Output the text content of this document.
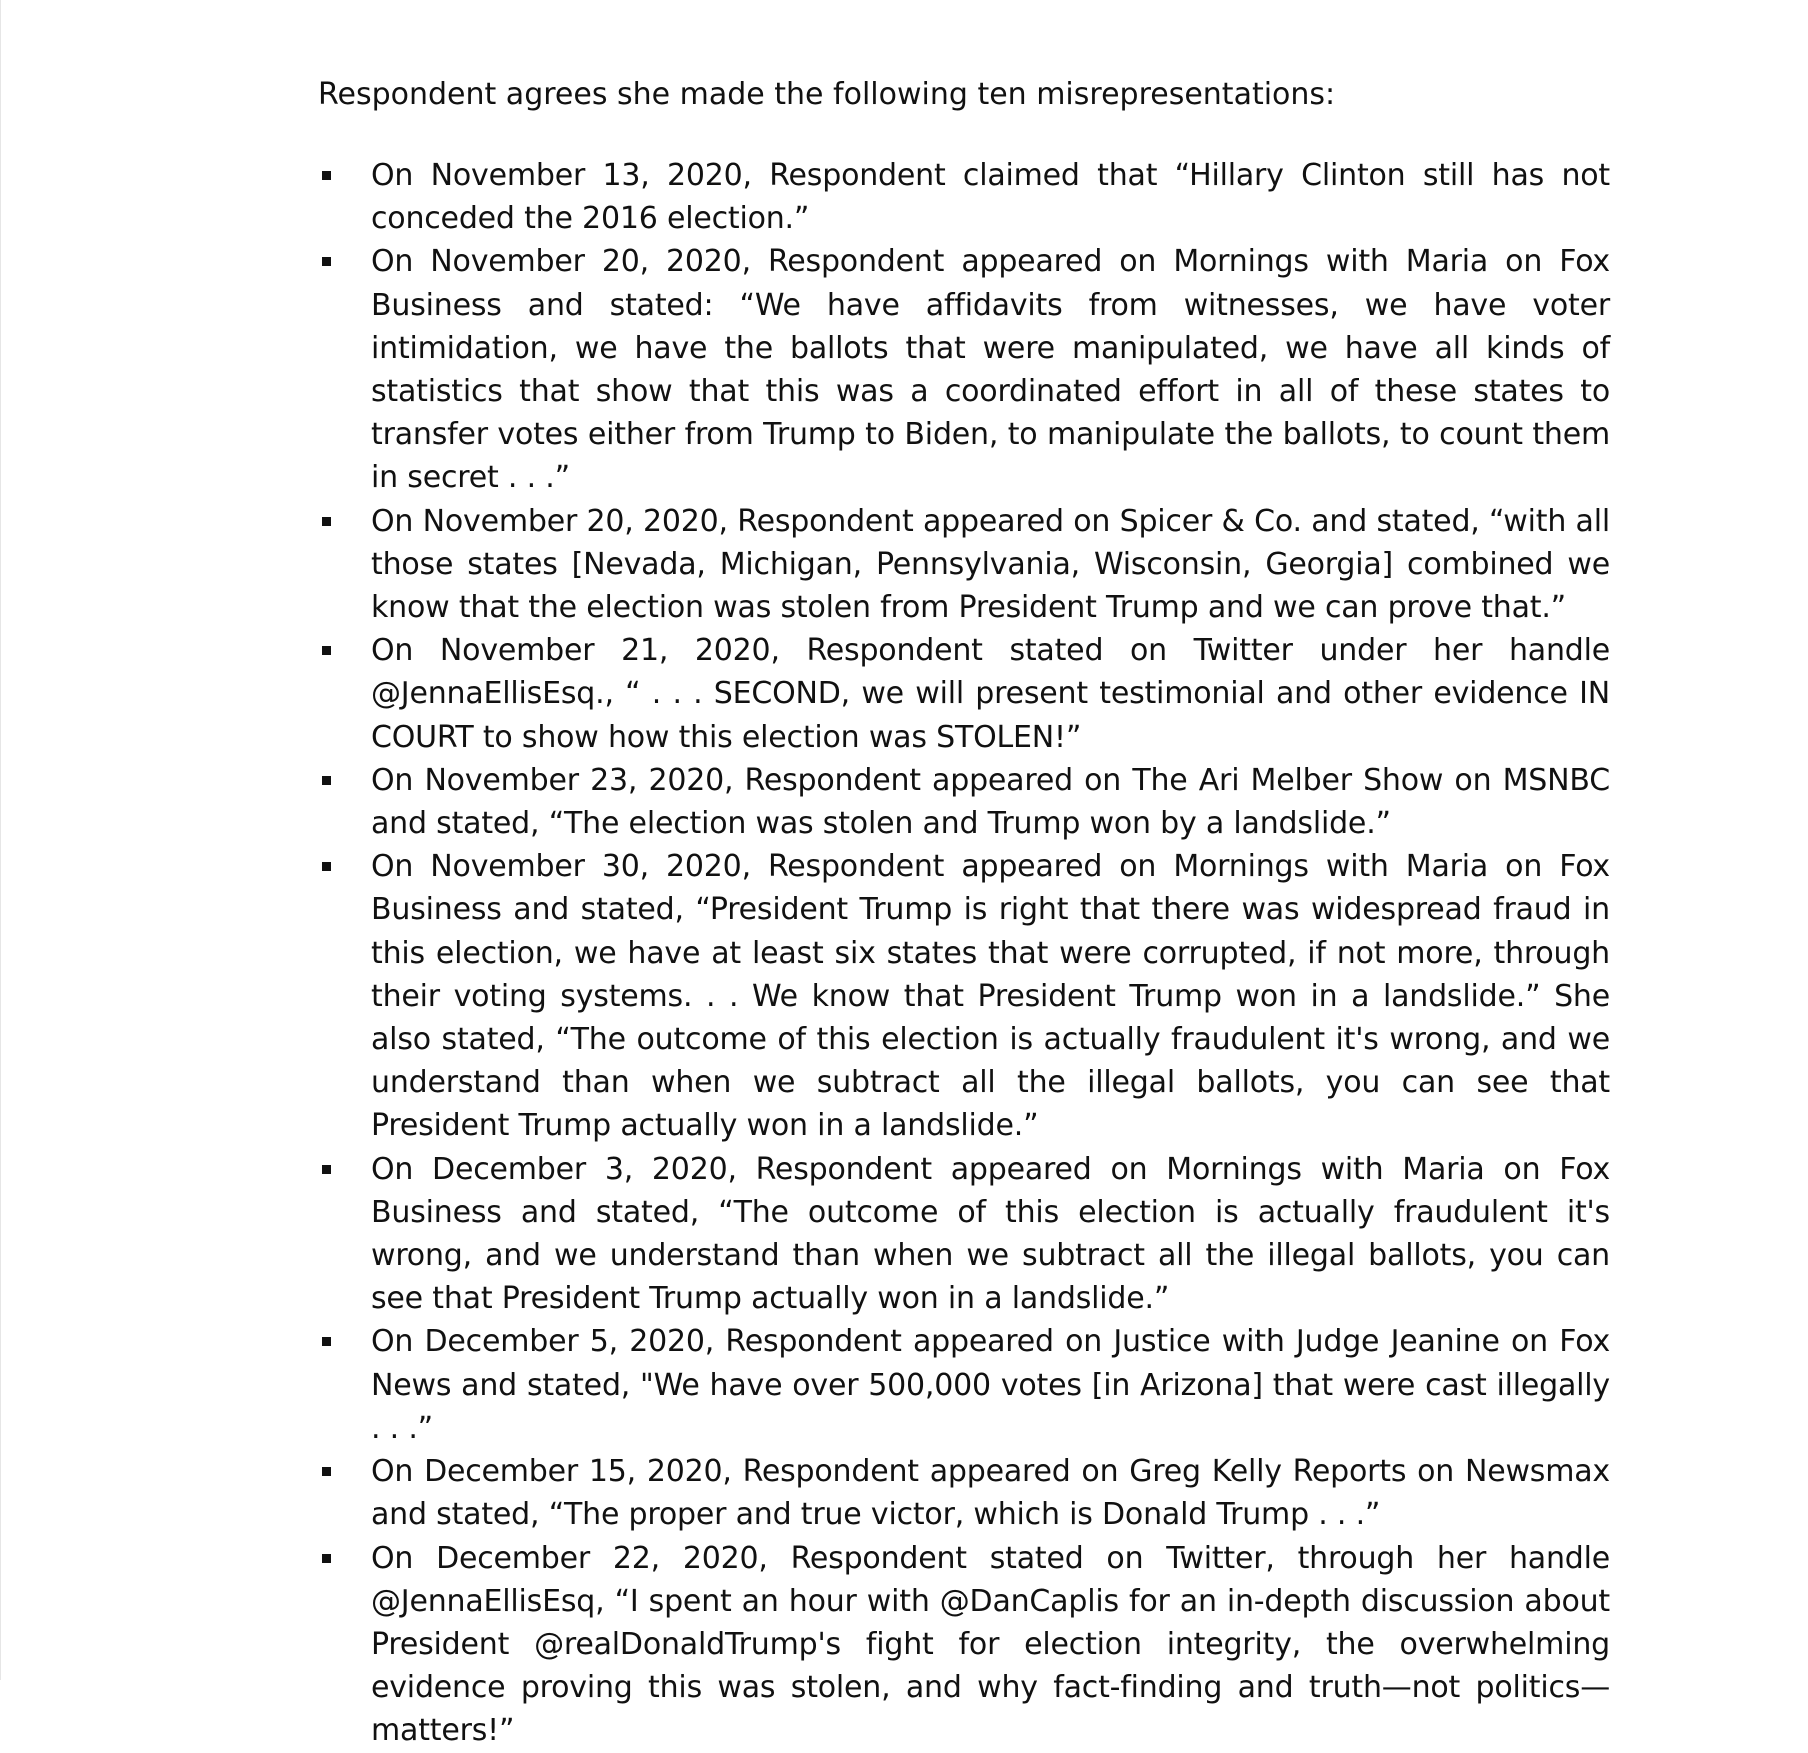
Respondent agrees she made the following ten misrepresentations:

On November 13, 2020, Respondent claimed that “Hillary Clinton still has not conceded the 2016 election.”
On November 20, 2020, Respondent appeared on Mornings with Maria on Fox Business and stated: “We have affidavits from witnesses, we have voter intimidation, we have the ballots that were manipulated, we have all kinds of statistics that show that this was a coordinated effort in all of these states to transfer votes either from Trump to Biden, to manipulate the ballots, to count them in secret . . .”
On November 20, 2020, Respondent appeared on Spicer & Co. and stated, “with all those states [Nevada, Michigan, Pennsylvania, Wisconsin, Georgia] combined we know that the election was stolen from President Trump and we can prove that.”
On November 21, 2020, Respondent stated on Twitter under her handle @JennaEllisEsq., “ . . . SECOND, we will present testimonial and other evidence IN COURT to show how this election was STOLEN!”
On November 23, 2020, Respondent appeared on The Ari Melber Show on MSNBC and stated, “The election was stolen and Trump won by a landslide.”
On November 30, 2020, Respondent appeared on Mornings with Maria on Fox Business and stated, “President Trump is right that there was widespread fraud in this election, we have at least six states that were corrupted, if not more, through their voting systems. . . We know that President Trump won in a landslide.” She also stated, “The outcome of this election is actually fraudulent it's wrong, and we understand than when we subtract all the illegal ballots, you can see that President Trump actually won in a landslide.”
On December 3, 2020, Respondent appeared on Mornings with Maria on Fox Business and stated, “The outcome of this election is actually fraudulent it's wrong, and we understand than when we subtract all the illegal ballots, you can see that President Trump actually won in a landslide.”
On December 5, 2020, Respondent appeared on Justice with Judge Jeanine on Fox News and stated, "We have over 500,000 votes [in Arizona] that were cast illegally . . .”
On December 15, 2020, Respondent appeared on Greg Kelly Reports on Newsmax and stated, “The proper and true victor, which is Donald Trump . . .”
On December 22, 2020, Respondent stated on Twitter, through her handle @JennaEllisEsq, “I spent an hour with @DanCaplis for an in-depth discussion about President @realDonaldTrump's fight for election integrity, the overwhelming evidence proving this was stolen, and why fact-finding and truth—not politics—matters!”
